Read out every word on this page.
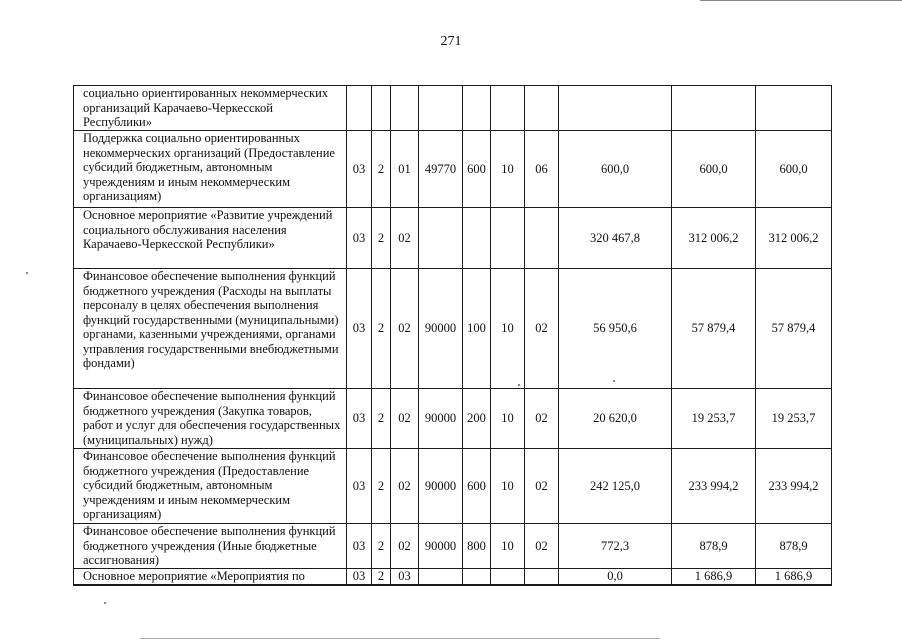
271
социально ориентированных некоммерческих организаций Карачаево-Черкесской Республики»										
Поддержка социально ориентированных некоммерческих организаций (Предоставление субсидий бюджетным, автономным учреждениям и иным некоммерческим организациям)	03	2	01	49770	600	10	06	600,0	600,0	600,0
Основное мероприятие «Развитие учреждений социального обслуживания населения Карачаево-Черкесской Республики»	03	2	02					320 467,8	312 006,2	312 006,2
Финансовое обеспечение выполнения функций бюджетного учреждения (Расходы на выплаты персоналу в целях обеспечения выполнения функций государственными (муниципальными) органами, казенными учреждениями, органами управления государственными внебюджетными фондами)	03	2	02	90000	100	10	02	56 950,6	57 879,4	57 879,4
Финансовое обеспечение выполнения функций бюджетного учреждения (Закупка товаров, работ и услуг для обеспечения государственных (муниципальных) нужд)	03	2	02	90000	200	10	02	20 620,0	19 253,7	19 253,7
Финансовое обеспечение выполнения функций бюджетного учреждения (Предоставление субсидий бюджетным, автономным учреждениям и иным некоммерческим организациям)	03	2	02	90000	600	10	02	242 125,0	233 994,2	233 994,2
Финансовое обеспечение выполнения функций бюджетного учреждения (Иные бюджетные ассигнования)	03	2	02	90000	800	10	02	772,3	878,9	878,9
Основное мероприятие «Мероприятия по	03	2	03					0,0	1 686,9	1 686,9
